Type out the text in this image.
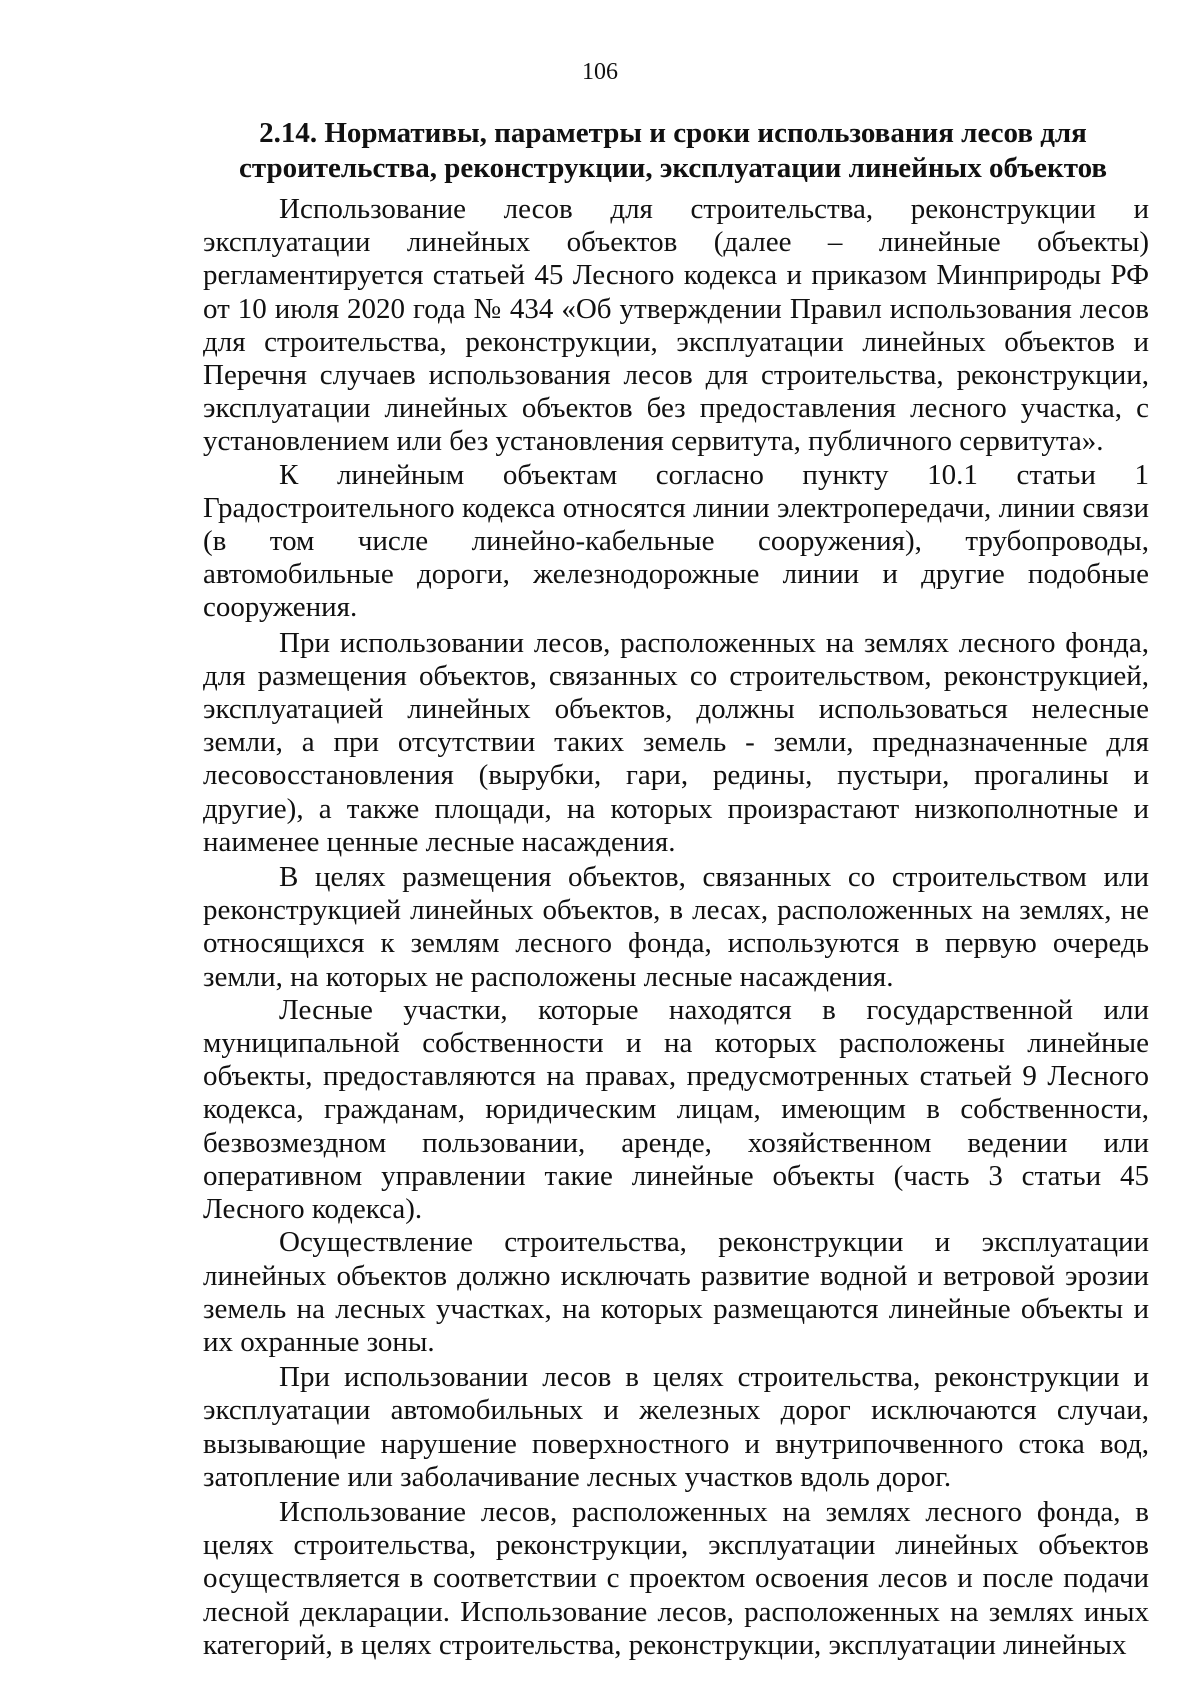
106
2.14. Нормативы, параметры и сроки использования лесов для
строительства, реконструкции, эксплуатации линейных объектов

Использование лесов для строительства, реконструкции и эксплуатации линейных объектов (далее – линейные объекты) регламентируется статьей 45 Лесного кодекса и приказом Минприроды РФ от 10 июля 2020 года № 434 «Об утверждении Правил использования лесов для строительства, реконструкции, эксплуатации линейных объектов и Перечня случаев использования лесов для строительства, реконструкции, эксплуатации линейных объектов без предоставления лесного участка, с установлением или без установления сервитута, публичного сервитута».

К линейным объектам согласно пункту 10.1 статьи 1 Градостроительного кодекса относятся линии электропередачи, линии связи (в том числе линейно-кабельные сооружения), трубопроводы, автомобильные дороги, железнодорожные линии и другие подобные сооружения.

При использовании лесов, расположенных на землях лесного фонда, для размещения объектов, связанных со строительством, реконструкцией, эксплуатацией линейных объектов, должны использоваться нелесные земли, а при отсутствии таких земель - земли, предназначенные для лесовосстановления (вырубки, гари, редины, пустыри, прогалины и другие), а также площади, на которых произрастают низкополнотные и наименее ценные лесные насаждения.

В целях размещения объектов, связанных со строительством или реконструкцией линейных объектов, в лесах, расположенных на землях, не относящихся к землям лесного фонда, используются в первую очередь земли, на которых не расположены лесные насаждения.

Лесные участки, которые находятся в государственной или муниципальной собственности и на которых расположены линейные объекты, предоставляются на правах, предусмотренных статьей 9 Лесного кодекса, гражданам, юридическим лицам, имеющим в собственности, безвозмездном пользовании, аренде, хозяйственном ведении или оперативном управлении такие линейные объекты (часть 3 статьи 45 Лесного кодекса).

Осуществление строительства, реконструкции и эксплуатации линейных объектов должно исключать развитие водной и ветровой эрозии земель на лесных участках, на которых размещаются линейные объекты и их охранные зоны.

При использовании лесов в целях строительства, реконструкции и эксплуатации автомобильных и железных дорог исключаются случаи, вызывающие нарушение поверхностного и внутрипочвенного стока вод, затопление или заболачивание лесных участков вдоль дорог.

Использование лесов, расположенных на землях лесного фонда, в целях строительства, реконструкции, эксплуатации линейных объектов осуществляется в соответствии с проектом освоения лесов и после подачи лесной декларации. Использование лесов, расположенных на землях иных категорий, в целях строительства, реконструкции, эксплуатации линейных
